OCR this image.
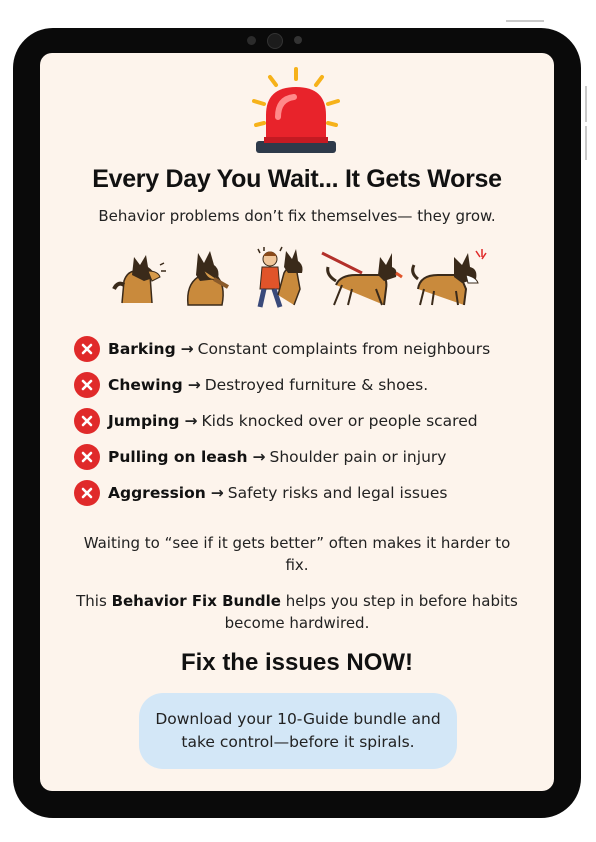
Every Day You Wait... It Gets Worse
Behavior problems don’t fix themselves— they grow.
Barking → Constant complaints from neighbours
Chewing → Destroyed furniture & shoes.
Jumping → Kids knocked over or people scared
Pulling on leash → Shoulder pain or injury
Aggression → Safety risks and legal issues
Waiting to “see if it gets better” often makes it harder to fix.
This Behavior Fix Bundle helps you step in before habits become hardwired.
Fix the issues NOW!
Download your 10-Guide bundle and take control—before it spirals.
